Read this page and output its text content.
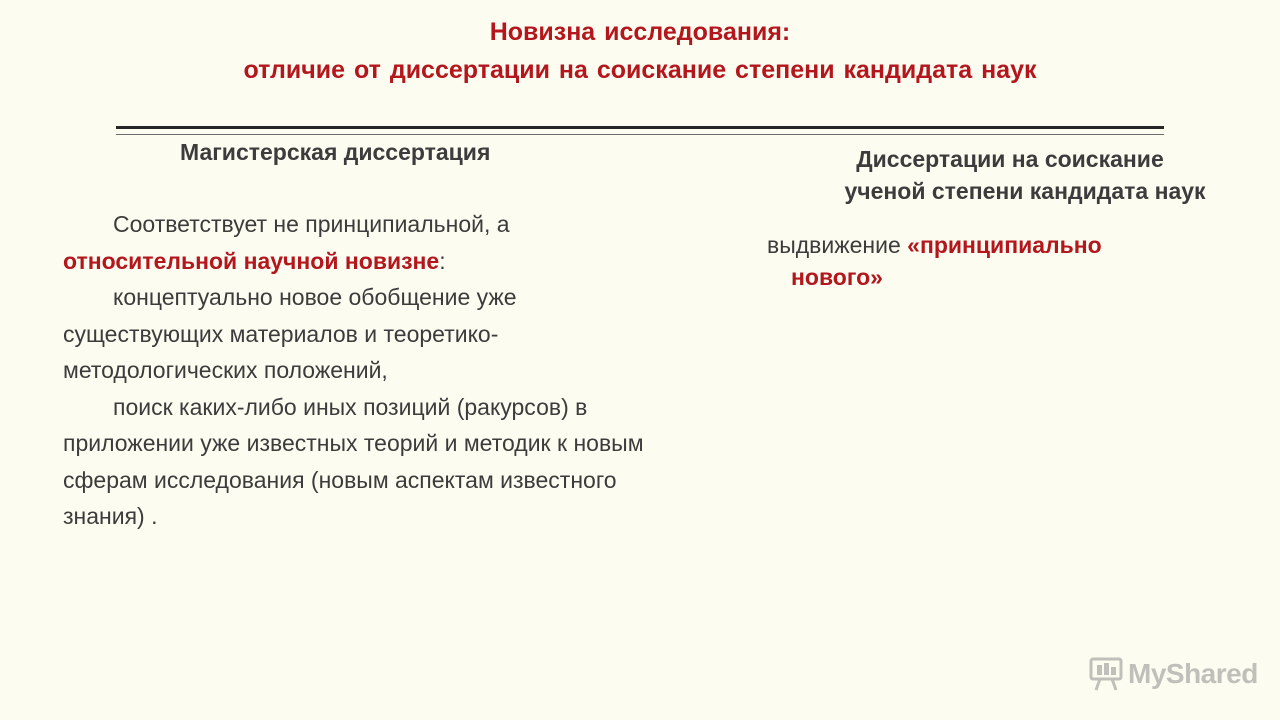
Новизна исследования:
отличие от диссертации на соискание степени кандидата наук
Магистерская диссертация

Соответствует не принципиальной, а относительной научной новизне:

концептуально новое обобщение уже существующих материалов и теоретико-методологических положений,

поиск каких-либо иных позиций (ракурсов) в приложении уже известных теорий и методик к новым сферам исследования (новым аспектам известного знания) .

Диссертации на соискание
ученой степени кандидата наук
выдвижение «принципиально
нового»
MyShared
